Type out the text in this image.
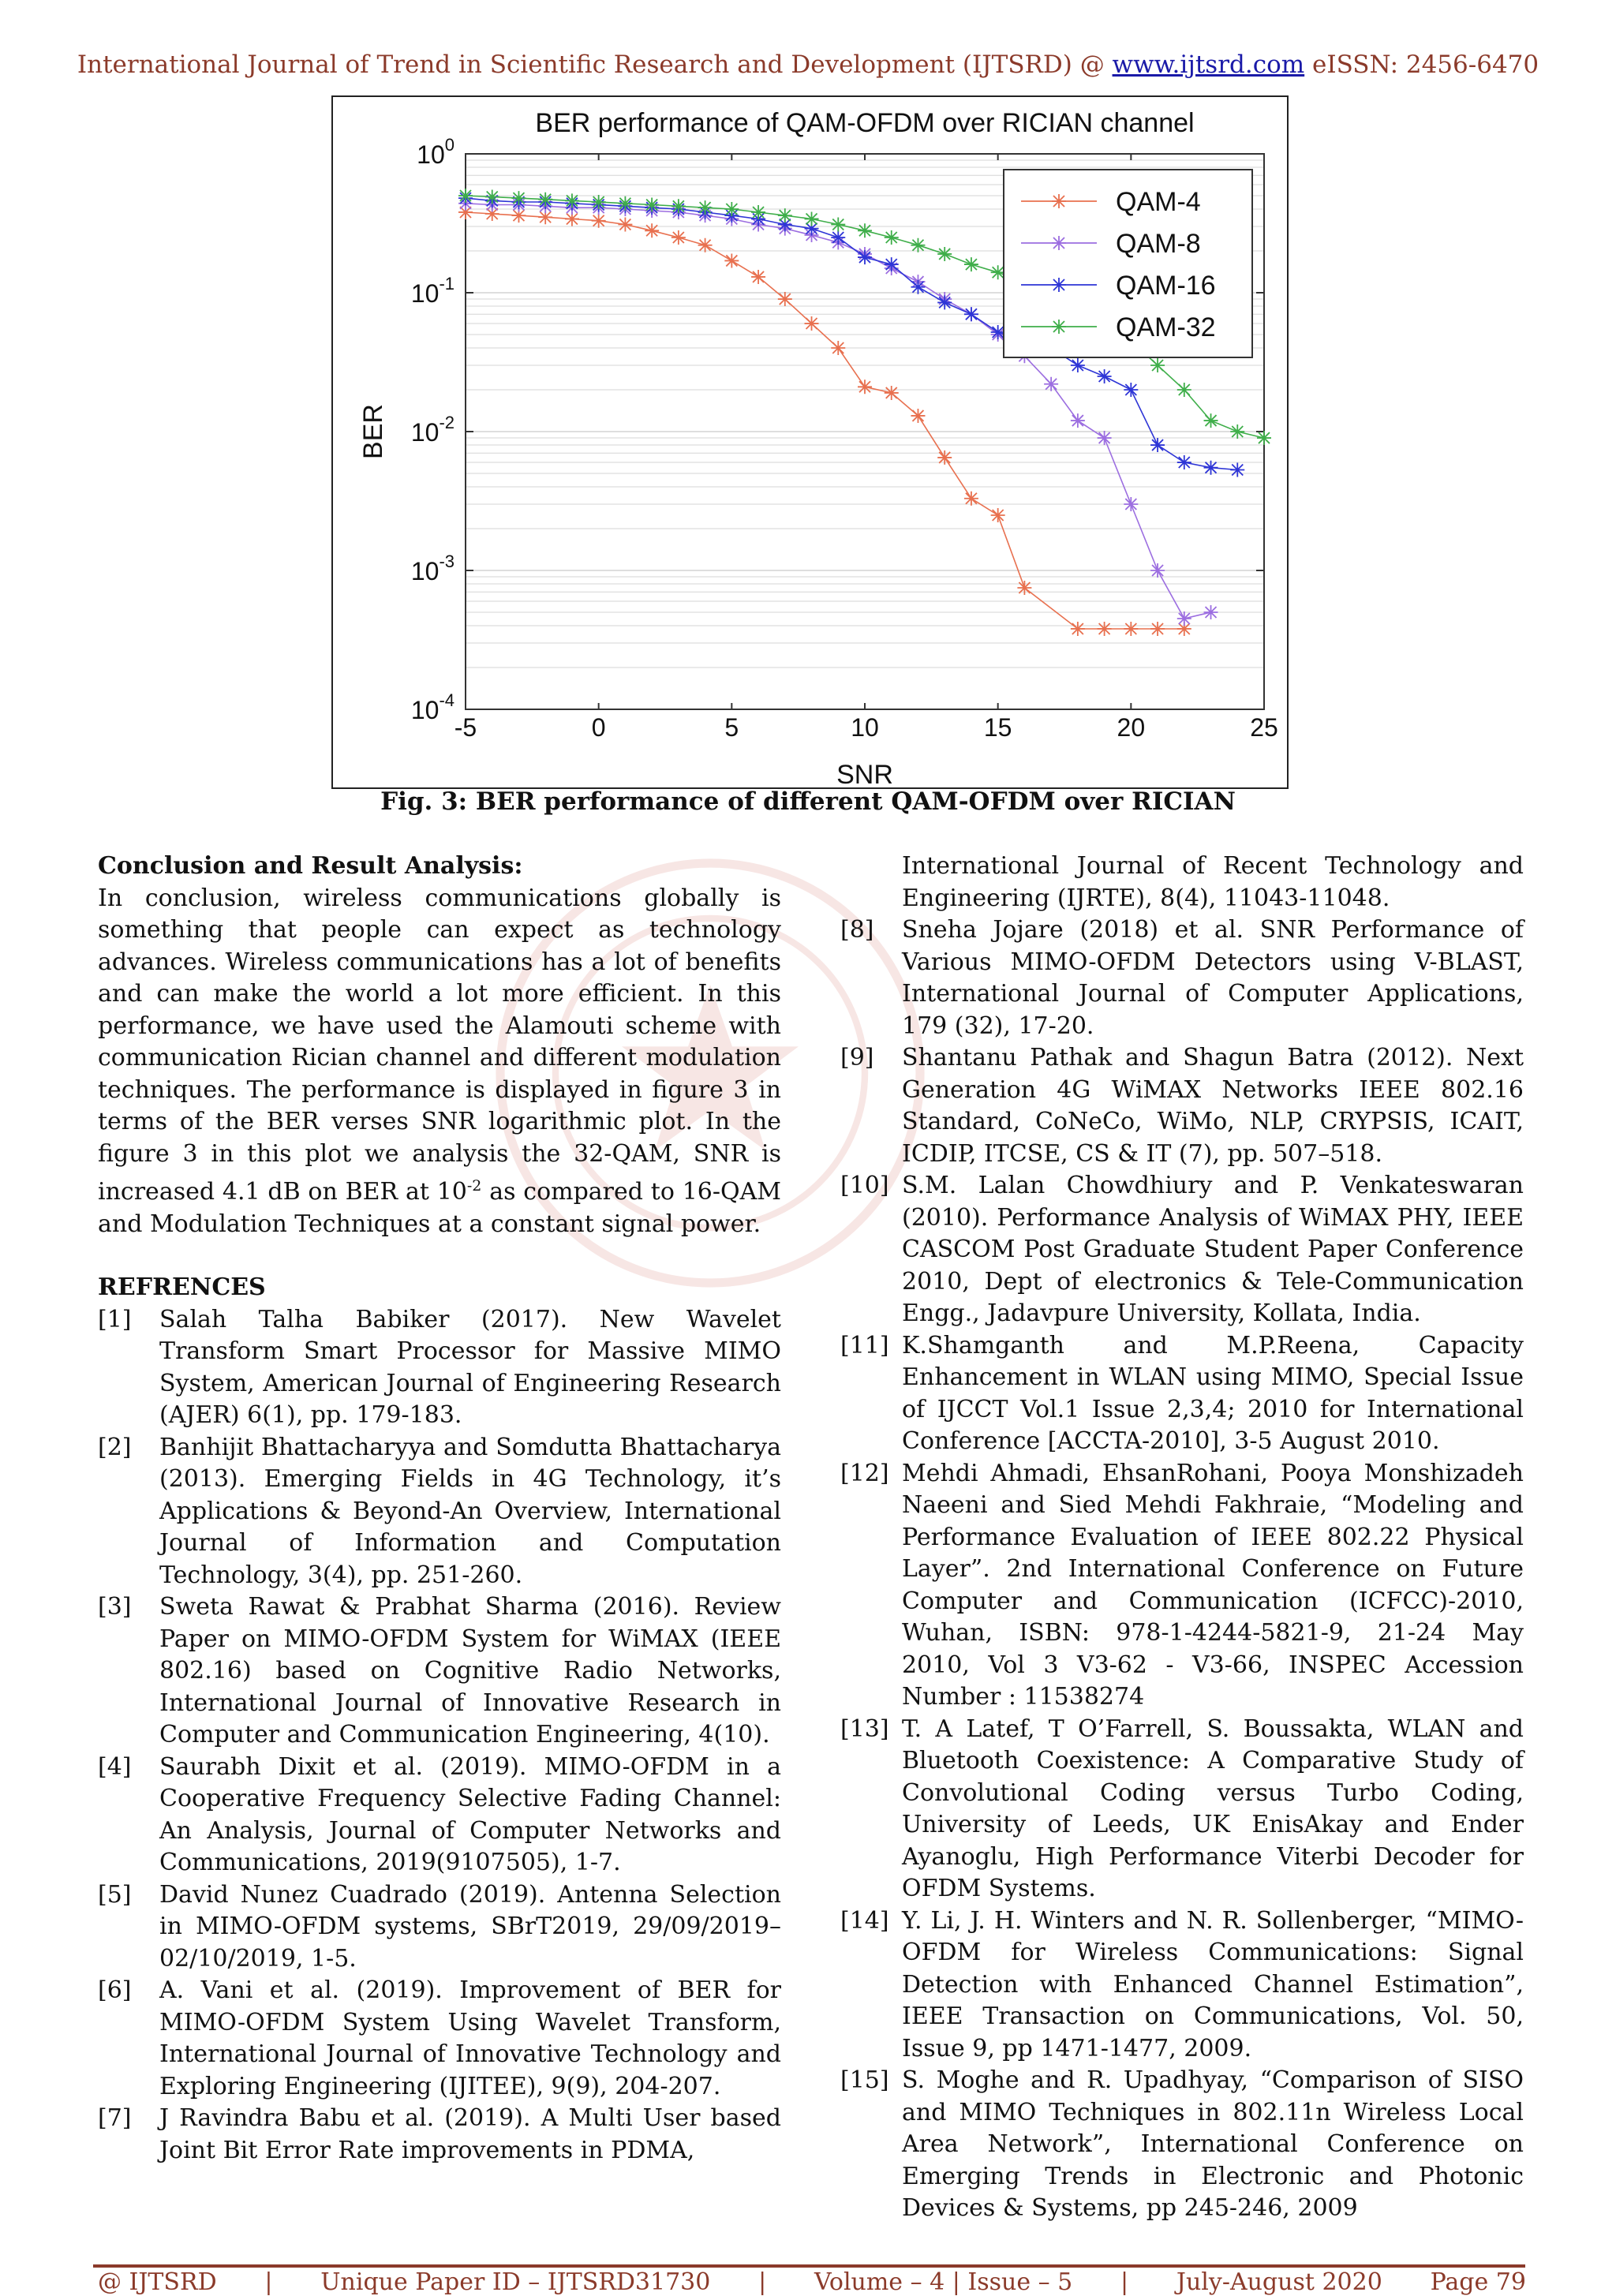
International Journal of Trend in Scientific Research and Development (IJTSRD) @ www.ijtsrd.com eISSN: 2456-6470
-5	0	5	10	15	20	25
$10^0$
$10^{-1}$
$10^{-2}$
$10^{-3}$
$10^{-4}$
BER performance of QAM-OFDM over RICIAN channel
SNR
BER
QAM-4
QAM-8
QAM-16
QAM-32
Fig. 3: BER performance of different QAM-OFDM over RICIAN
Conclusion and Result Analysis:
In conclusion, wireless communications globally is something that people can expect as technology advances. Wireless communications has a lot of benefits and can make the world a lot more efficient. In this performance, we have used the Alamouti scheme with communication Rician channel and different modulation techniques. The performance is displayed in figure 3 in terms of the BER verses SNR logarithmic plot. In the figure 3 in this plot we analysis the 32-QAM, SNR is increased 4.1 dB on BER at $10^{-2}$ as compared to 16-QAM and Modulation Techniques at a constant signal power.
REFRENCES
[1]	Salah Talha Babiker (2017). New Wavelet Transform Smart Processor for Massive MIMO System, American Journal of Engineering Research (AJER) 6(1), pp. 179-183.
[2]	Banhijit Bhattacharyya and Somdutta Bhattacharya (2013). Emerging Fields in 4G Technology, it’s Applications & Beyond-An Overview, International Journal of Information and Computation Technology, 3(4), pp. 251-260.
[3]	Sweta Rawat & Prabhat Sharma (2016). Review Paper on MIMO-OFDM System for WiMAX (IEEE 802.16) based on Cognitive Radio Networks, International Journal of Innovative Research in Computer and Communication Engineering, 4(10).
[4]	Saurabh Dixit et al. (2019). MIMO-OFDM in a Cooperative Frequency Selective Fading Channel: An Analysis, Journal of Computer Networks and Communications, 2019(9107505), 1-7.
[5]	David Nunez Cuadrado (2019). Antenna Selection in MIMO-OFDM systems, SBrT2019, 29/09/2019–02/10/2019, 1-5.
[6]	A. Vani et al. (2019). Improvement of BER for MIMO-OFDM System Using Wavelet Transform, International Journal of Innovative Technology and Exploring Engineering (IJITEE), 9(9), 204-207.
[7]	J Ravindra Babu et al. (2019). A Multi User based Joint Bit Error Rate improvements in PDMA,
International Journal of Recent Technology and Engineering (IJRTE), 8(4), 11043-11048.
[8]	Sneha Jojare (2018) et al. SNR Performance of Various MIMO-OFDM Detectors using V-BLAST, International Journal of Computer Applications, 179 (32), 17-20.
[9]	Shantanu Pathak and Shagun Batra (2012). Next Generation 4G WiMAX Networks IEEE 802.16 Standard, CoNeCo, WiMo, NLP, CRYPSIS, ICAIT, ICDIP, ITCSE, CS & IT (7), pp. 507–518.
[10] S.M. Lalan Chowdhiury and P. Venkateswaran (2010). Performance Analysis of WiMAX PHY, IEEE CASCOM Post Graduate Student Paper Conference 2010, Dept of electronics & Tele-Communication Engg., Jadavpure University, Kollata, India.
[11] K.Shamganth and M.P.Reena, Capacity Enhancement in WLAN using MIMO, Special Issue of IJCCT Vol.1 Issue 2,3,4; 2010 for International Conference [ACCTA-2010], 3-5 August 2010.
[12] Mehdi Ahmadi, EhsanRohani, Pooya Monshizadeh Naeeni and Sied Mehdi Fakhraie, “Modeling and Performance Evaluation of IEEE 802.22 Physical Layer”. 2nd International Conference on Future Computer and Communication (ICFCC)-2010, Wuhan, ISBN: 978-1-4244-5821-9, 21-24 May 2010, Vol 3 V3-62 - V3-66, INSPEC Accession Number : 11538274
[13] T. A Latef, T O’Farrell, S. Boussakta, WLAN and Bluetooth Coexistence: A Comparative Study of Convolutional Coding versus Turbo Coding, University of Leeds, UK EnisAkay and Ender Ayanoglu, High Performance Viterbi Decoder for OFDM Systems.
[14] Y. Li, J. H. Winters and N. R. Sollenberger, “MIMO-OFDM for Wireless Communications: Signal Detection with Enhanced Channel Estimation”, IEEE Transaction on Communications, Vol. 50, Issue 9, pp 1471-1477, 2009.
[15] S. Moghe and R. Upadhyay, “Comparison of SISO and MIMO Techniques in 802.11n Wireless Local Area Network”, International Conference on Emerging Trends in Electronic and Photonic Devices & Systems, pp 245-246, 2009
@ IJTSRD | Unique Paper ID – IJTSRD31730 | Volume – 4 | Issue – 5 | July-August 2020 Page 79
